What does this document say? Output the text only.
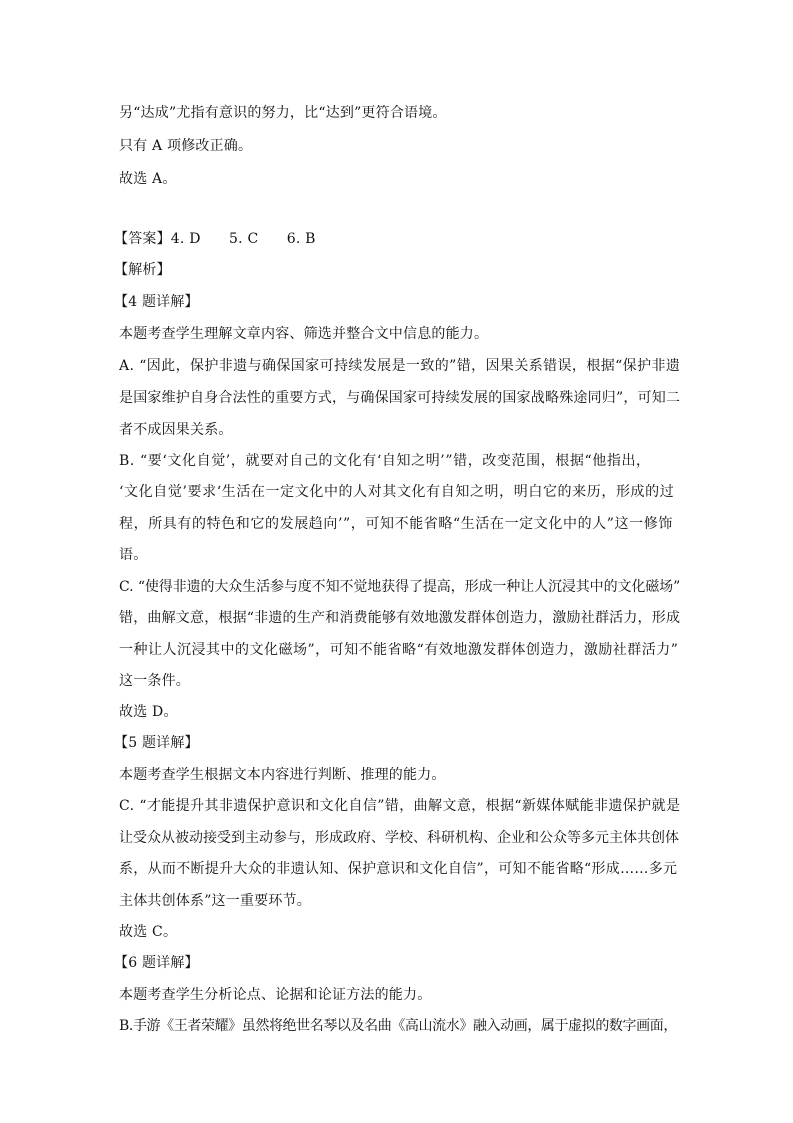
另“达成”尤指有意识的努力，比“达到”更符合语境。
只有 A 项修改正确。
故选 A。
【答案】4. D　　5. C　　6. B
【解析】
【4 题详解】
本题考查学生理解文章内容、筛选并整合文中信息的能力。
A. “因此，保护非遗与确保国家可持续发展是一致的”错，因果关系错误，根据“保护非遗
是国家维护自身合法性的重要方式，与确保国家可持续发展的国家战略殊途同归”，可知二
者不成因果关系。
B. “要‘文化自觉’，就要对自己的文化有‘自知之明’”错，改变范围，根据“他指出，
‘文化自觉’要求‘生活在一定文化中的人对其文化有自知之明，明白它的来历，形成的过
程，所具有的特色和它的发展趋向’”，可知不能省略“生活在一定文化中的人”这一修饰
语。
C. “使得非遗的大众生活参与度不知不觉地获得了提高，形成一种让人沉浸其中的文化磁场”
错，曲解文意，根据“非遗的生产和消费能够有效地激发群体创造力，激励社群活力，形成
一种让人沉浸其中的文化磁场”，可知不能省略“有效地激发群体创造力，激励社群活力”
这一条件。
故选 D。
【5 题详解】
本题考查学生根据文本内容进行判断、推理的能力。
C. “才能提升其非遗保护意识和文化自信”错，曲解文意，根据“新媒体赋能非遗保护就是
让受众从被动接受到主动参与，形成政府、学校、科研机构、企业和公众等多元主体共创体
系，从而不断提升大众的非遗认知、保护意识和文化自信”，可知不能省略“形成……多元
主体共创体系”这一重要环节。
故选 C。
【6 题详解】
本题考查学生分析论点、论据和论证方法的能力。
B.手游《王者荣耀》虽然将绝世名琴以及名曲《高山流水》融入动画，属于虚拟的数字画面，
